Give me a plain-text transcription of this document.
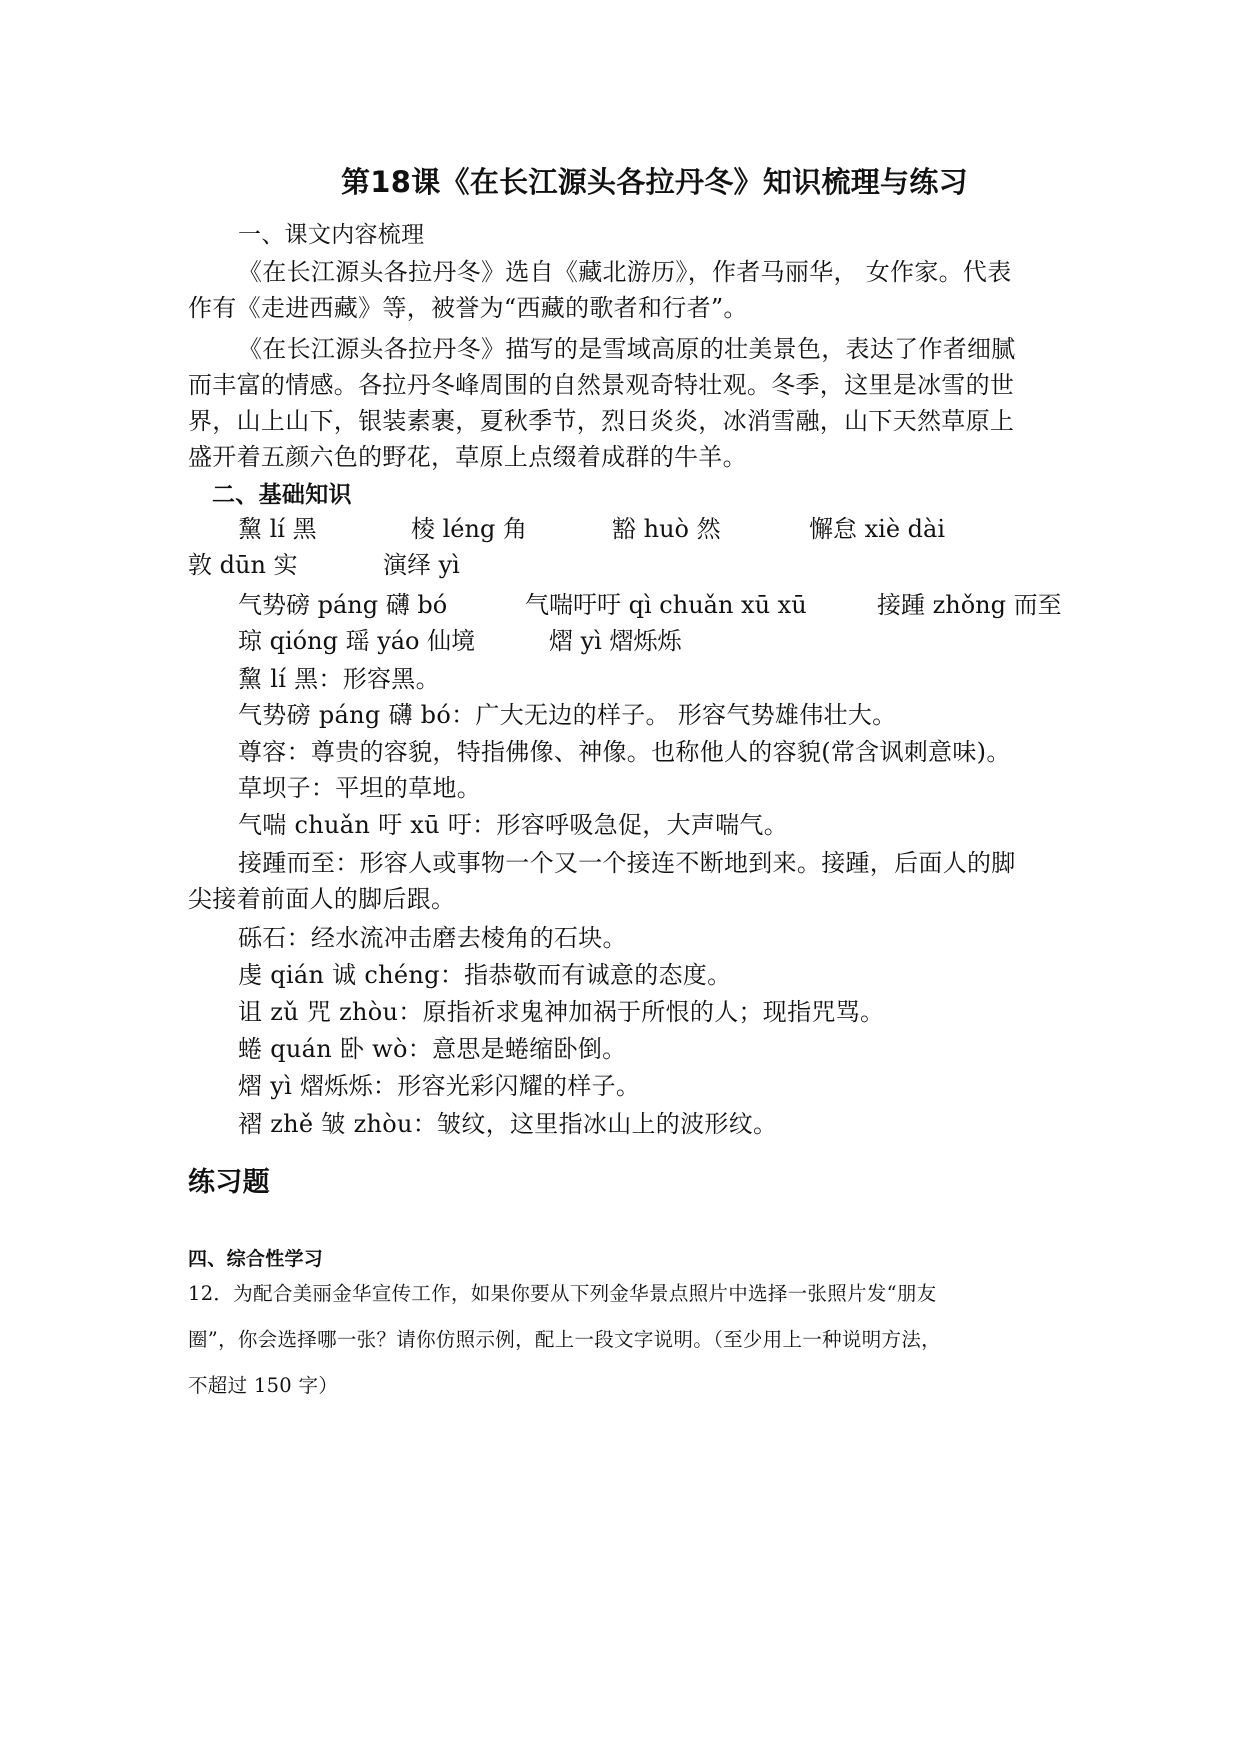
第18课《在长江源头各拉丹冬》知识梳理与练习
一、课文内容梳理
《在长江源头各拉丹冬》选自《藏北游历》，作者马丽华， 女作家。代表
作有《走进西藏》等，被誉为“西藏的歌者和行者”。
《在长江源头各拉丹冬》描写的是雪域高原的壮美景色，表达了作者细腻
而丰富的情感。各拉丹冬峰周围的自然景观奇特壮观。冬季，这里是冰雪的世
界，山上山下，银装素裹，夏秋季节，烈日炎炎，冰消雪融，山下天然草原上
盛开着五颜六色的野花，草原上点缀着成群的牛羊。
二、基础知识
黧 lí 黑	棱 léng 角	豁 huò 然	懈怠 xiè dài
敦 dūn 实	演绎 yì
气势磅 páng 礴 bó	气喘吁吁 qì chuǎn xū xū	接踵 zhǒng 而至
琼 qióng 瑶 yáo 仙境	熠 yì 熠烁烁
黧 lí 黑：形容黑。
气势磅 páng 礴 bó：广大无边的样子。 形容气势雄伟壮大。
尊容：尊贵的容貌，特指佛像、神像。也称他人的容貌(常含讽刺意味)。
草坝子：平坦的草地。
气喘 chuǎn 吁 xū 吁：形容呼吸急促，大声喘气。
接踵而至：形容人或事物一个又一个接连不断地到来。接踵，后面人的脚
尖接着前面人的脚后跟。
砾石：经水流冲击磨去棱角的石块。
虔 qián 诚 chéng：指恭敬而有诚意的态度。
诅 zǔ 咒 zhòu：原指祈求鬼神加祸于所恨的人；现指咒骂。
蜷 quán 卧 wò：意思是蜷缩卧倒。
熠 yì 熠烁烁：形容光彩闪耀的样子。
褶 zhě 皱 zhòu：皱纹，这里指冰山上的波形纹。
练习题
四、综合性学习
12．为配合美丽金华宣传工作，如果你要从下列金华景点照片中选择一张照片发“朋友
圈”，你会选择哪一张？请你仿照示例，配上一段文字说明。（至少用上一种说明方法，
不超过 150 字）
